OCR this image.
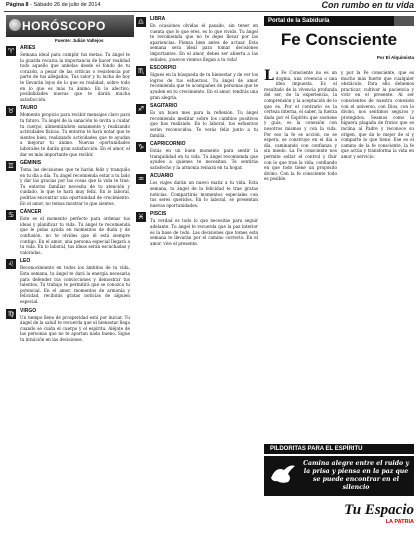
Página 8 - Sábado 26 de julio de 2014	Con rumbo en tu vida
HORÓSCOPO
Fuente: Julián Vallejos
♈	ARIES
Semana ideal para cumplir tus metas. Tu ángel te la guarda recalca la importancia de hacer realidad todo aquello que anhelas desde el fondo de tu corazón, a pesar de las críticas o resistencia por parte de tus allegados. Tus valor y tu lucha de hoy te llevarán lejos de lo que es realidad, sobre todo en lo que es más tu ánimo. En lo afectivo, posibilidades nuevas que te darán mucha satisfacción.
♉	TAURO
Momento propicio para recibir mensajes claro para tu futuro. Tu ángel de la sanación te invita a cuidar tu cuerpo, alimentándote sanamente y realizando actividades físicas. Tu entorno te hará notar que te sientes bien, realizando actividades que te ayudan a mejorar tu ánimo. Nuevas oportunidades laborales te darán gran satisfacción. En el amor, el dar es más importante que recibir.
♊	GÉMINIS
Toma las decisiones que te harán feliz y tranquilo en tu día a día. Tu ángel recomienda estar a tu lado y dar las gracias por las cosas que la vida te trae. Tu entorno familiar necesita de tu atención y cuidado, lo que te hará muy feliz. En lo laboral, podrías encontrar una oportunidad de crecimiento. En el amor, no temas mostrar lo que sientes.
♋	CÁNCER
Este es el momento perfecto para ordenar tus ideas y planificar tu vida. Tu ángel te recomienda que le pidas ayuda en momentos de duda y de confusión, no te olvides que él está siempre contigo. En el amor, una persona especial llegará a tu vida. En lo laboral, tus ideas serán escuchadas y valoradas.
♌	LEO
Reconocimiento en todos los ámbitos de tu vida. Esta semana, tu ángel te dará la energía necesaria para defender tus convicciones y demostrar tus talentos. Tu trabajo te permitirá que se conozca tu potencial. En el amor, momentos de armonía y felicidad, recibirás gratas noticias de alguien especial.
♍	VIRGO
Un tiempo lleno de prosperidad está por iniciar. Tu ángel de la salud te recuerda que el bienestar llega cuando se cuida el cuerpo y el espíritu. Aléjate de las personas que no te aportan nada bueno. Sigue tu intuición en las decisiones.
♎	LIBRA
En ocasiones olvidas el pasado, sin tener en cuenta que lo que eres, es lo que vivido. Tu ángel te recomienda que no te dejes llevar por las apariencias. Piensa bien antes de actuar. Esta semana sera ideal para tomar decisiones importantes. En el amor, debes ser abierta a las señales, ¡nuevos vientos llegan a tu vida!
♏	ESCORPIO
Sigues en la búsqueda de tu bienestar y de ver los logros de tus esfuerzos. Tu ángel de amor recomienda que te acompañes de personas que te ayuden en tu crecimiento. En el amor, tendrás una gran alegría.
♐	SAGITARIO
Es un buen mes para la reflexión. Tu ángel recomienda meditar sobre los cambios positivos que has realizado. En lo laboral, tus esfuerzos serán reconocidos. Te verás feliz junto a tu familia.
♑	CAPRICORNIO
Estás en un buen momento para sentir la tranquilidad en tu vida. Tu ángel recomienda que ayudes a quienes te necesitan. Te sentirás satisfecho y la armonía reinará en tu hogar.
♒	ACUARIO
Los viajes darán un nuevo matiz a tu vida. Esta semana, tu ángel de la felicidad te trae gratas noticias. Compartirás momentos especiales con tus seres queridos. En lo laboral, se presentan nuevas oportunidades.
♓	PISCIS
Tu verdad es todo lo que necesitas para seguir adelante. Tu ángel te recuerda que la paz interior es la base de todo. Las decisiones que tomes esta semana te llevarán por el camino correcto. En el amor, vive el presente.
Portal de la Sabiduría
Fe Consciente
Por El Alquimista
L a Fe Consciente no es un dogma, una creencia o una idea impuesta. Es el resultado de la vivencia profunda del ser, de la experiencia, la comprensión y la aceptación de lo que es. Por el contrario es la certeza interna, el saber, la fuerza dada por el Espíritu que sostiene y guía, es la conexión con nosotros mismos y con la vida. Por eso la fe es acción, no se espera, se construye en el día a día, caminando con confianza y sin miedo. La Fe consciente nos permite soltar el control y fluir con lo que trae la vida, confiando en que todo tiene un propósito divino. Con la fe consciente todo es posible.
y por la Fe consciente, que es mucho más fuerte que cualquier obstáculo. Para ello debemos practicar, cultivar la paciencia y vivir en el presente. Al ser conscientes de nuestra conexión con el universo, con Dios, con lo divino, nos sentimos seguros y protegidos. Seamos como la higuera plagada de frutos que se inclina al Padre y reconoce su origen, que da lo mejor de sí y comparte lo que tiene. Ese es el camino de la fe consciente, la fe que actúa y transforma la vida en amor y servicio.
PILDORITAS PARA EL ESPÍRITU
Camina alegre entre el ruido y la prisa y piensa en la paz que se puede encontrar en el silencio
Tu Espacio
LA PATRIA
